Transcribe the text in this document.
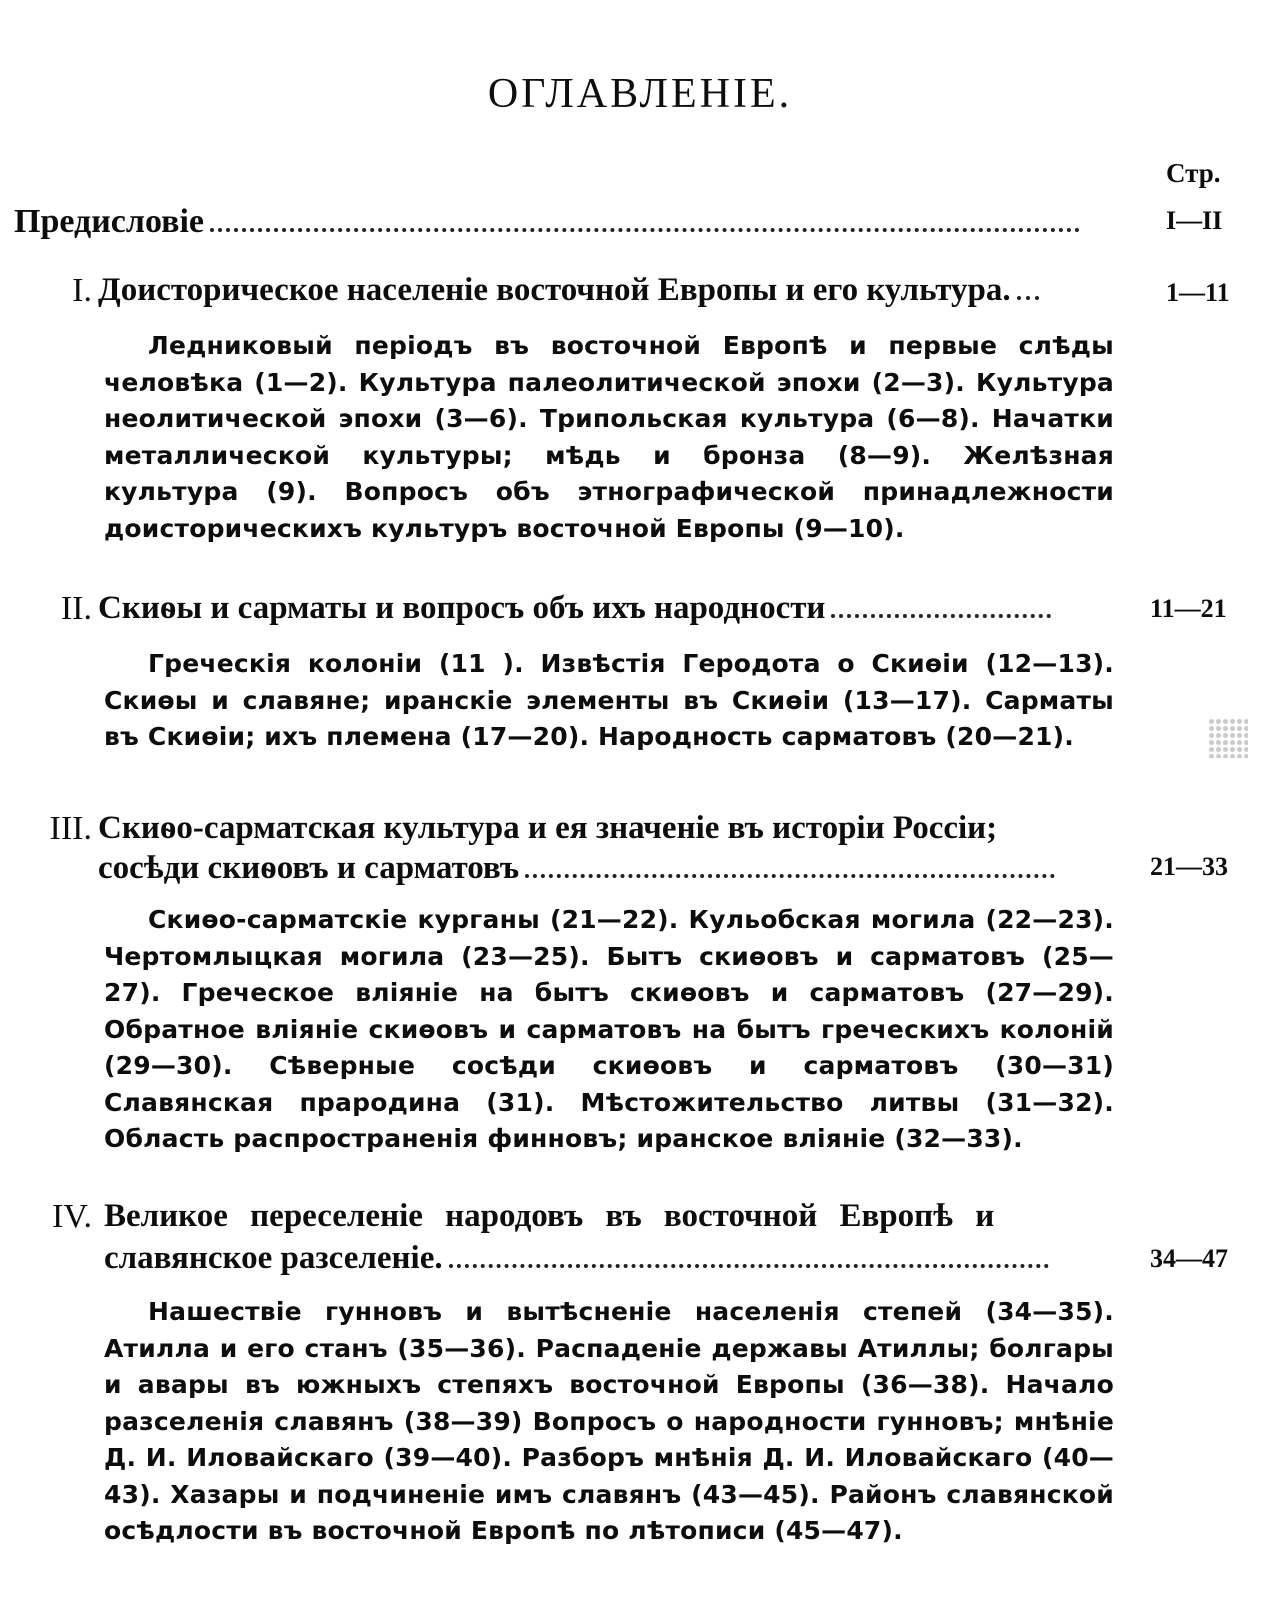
ОГЛАВЛЕНІЕ.
Стр.
Предисловіе	I—II
I. Доисторическое населеніе восточной Европы и его культура.	1—11
Ледниковый періодъ въ восточной Европѣ и первые слѣды человѣка (1—2). Культура палеолитической эпохи (2—3). Культура неолитической эпохи (3—6). Трипольская культура (6—8). Начатки металлической культуры; мѣдь и бронза (8—9). Желѣзная культура (9). Вопросъ объ этнографической принадлежности доисторическихъ культуръ восточной Европы (9—10).
II. Скиѳы и сарматы и вопросъ объ ихъ народности	11—21
Греческія колоніи (11 ). Извѣстія Геродота о Скиѳіи (12—13). Скиѳы и славяне; иранскіе элементы въ Скиѳіи (13—17). Сарматы въ Скиѳіи; ихъ племена (17—20). Народность сарматовъ (20—21).
III. Скиѳо-сарматская культура и ея значеніе въ исторіи Россіи;
сосѣди скиѳовъ и сарматовъ	21—33
Скиѳо-сарматскіе курганы (21—22). Кульобская могила (22—23). Чертомлыцкая могила (23—25). Бытъ скиѳовъ и сарматовъ (25—27). Греческое вліяніе на бытъ скиѳовъ и сарматовъ (27—29). Обратное вліяніе скиѳовъ и сарматовъ на бытъ греческихъ колоній (29—30). Сѣверные сосѣди скиѳовъ и сарматовъ (30—31) Славянская прародина (31). Мѣстожительство литвы (31—32). Область распространенія финновъ; иранское вліяніе (32—33).
IV. Великое переселеніе народовъ въ восточной Европѣ и
славянское разселеніе.	34—47
Нашествіе гунновъ и вытѣсненіе населенія степей (34—35). Атилла и его станъ (35—36). Распаденіе державы Атиллы; болгары и авары въ южныхъ степяхъ восточной Европы (36—38). Начало разселенія славянъ (38—39) Вопросъ о народности гунновъ; мнѣніе Д. И. Иловайскаго (39—40). Разборъ мнѣнія Д. И. Иловайскаго (40—43). Хазары и подчиненіе имъ славянъ (43—45). Районъ славянской осѣдлости въ восточной Европѣ по лѣтописи (45—47).
